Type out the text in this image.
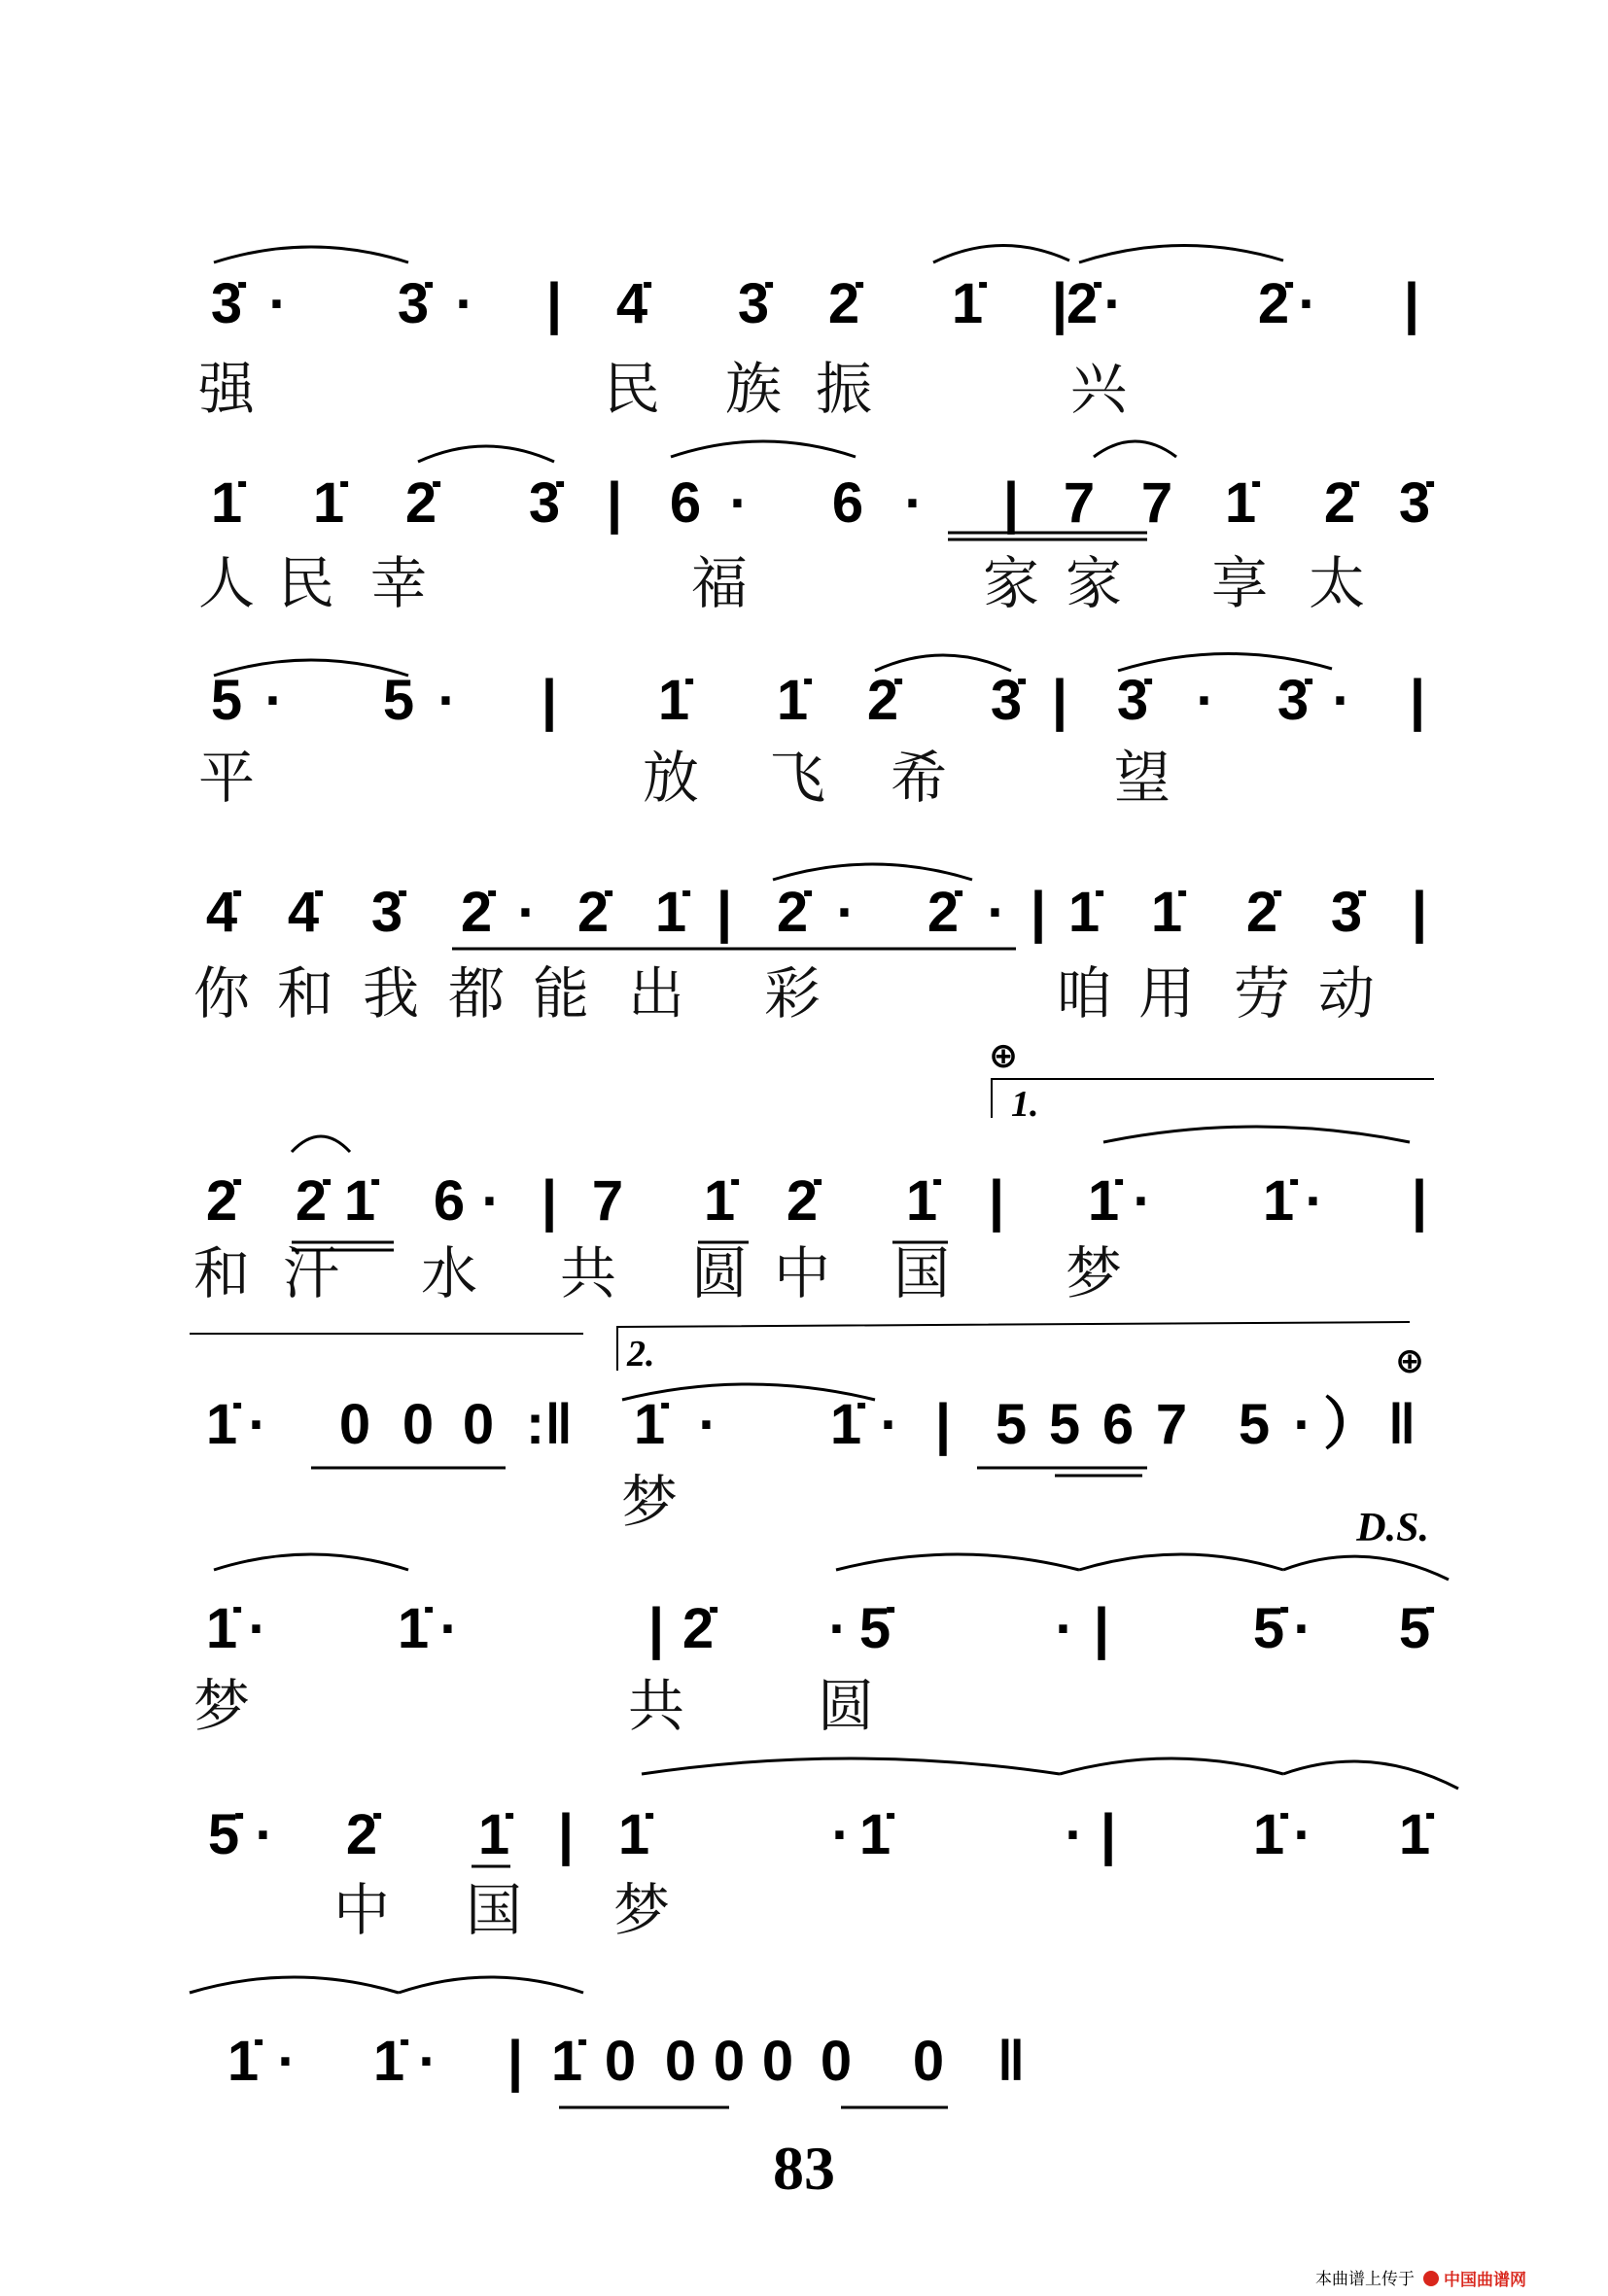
3̇ · 3̇ · | 4̇ 3̇ 2̇ 1̇ |
2̇ · 2̇ · |
强	民 族 振	兴
1̇ 1̇ 2̇ 3̇ | 6 · 6 · | 7 7 1̇ 2̇ 3̇
人 民 幸	福	家 家 享 太
5 · 5 · | 1̇ 1̇ 2̇ 3̇ | 3̇ · 3̇ · |
平	放 飞 希	望
4̇ 4̇ 3̇ 2̇ · 2̇ 1̇ | 2̇ · 2̇ · | 1̇ 1̇ 2̇ 3̇ |
你 和 我 都 能 出 彩	咱 用 劳 动
2̇ 2̇ 1̇ 6 · | 7 1̇ 2̇ 1̇ | 1̇ · 1̇ · |
和 汗 水 共 圆 中 国 梦
1̇ · 0 0 0 :‖ 1̇ · 1̇ · | 5 5 6 7 5 · ） ‖
梦
1̇ · 1̇ ·	| 2̇ · 5̇	· |	5̇ · 5̇
梦	共 圆
5̇ · 2̇ 1̇ | 1̇	· 1̇	· | 1̇ · 1̇
中 国 梦
1̇ · 1̇ · | 1̇ 0 0 0 0 0 0 ‖
1.
2.
⊕
⊕
D.S.
83
本曲谱上传于 中国曲谱网
